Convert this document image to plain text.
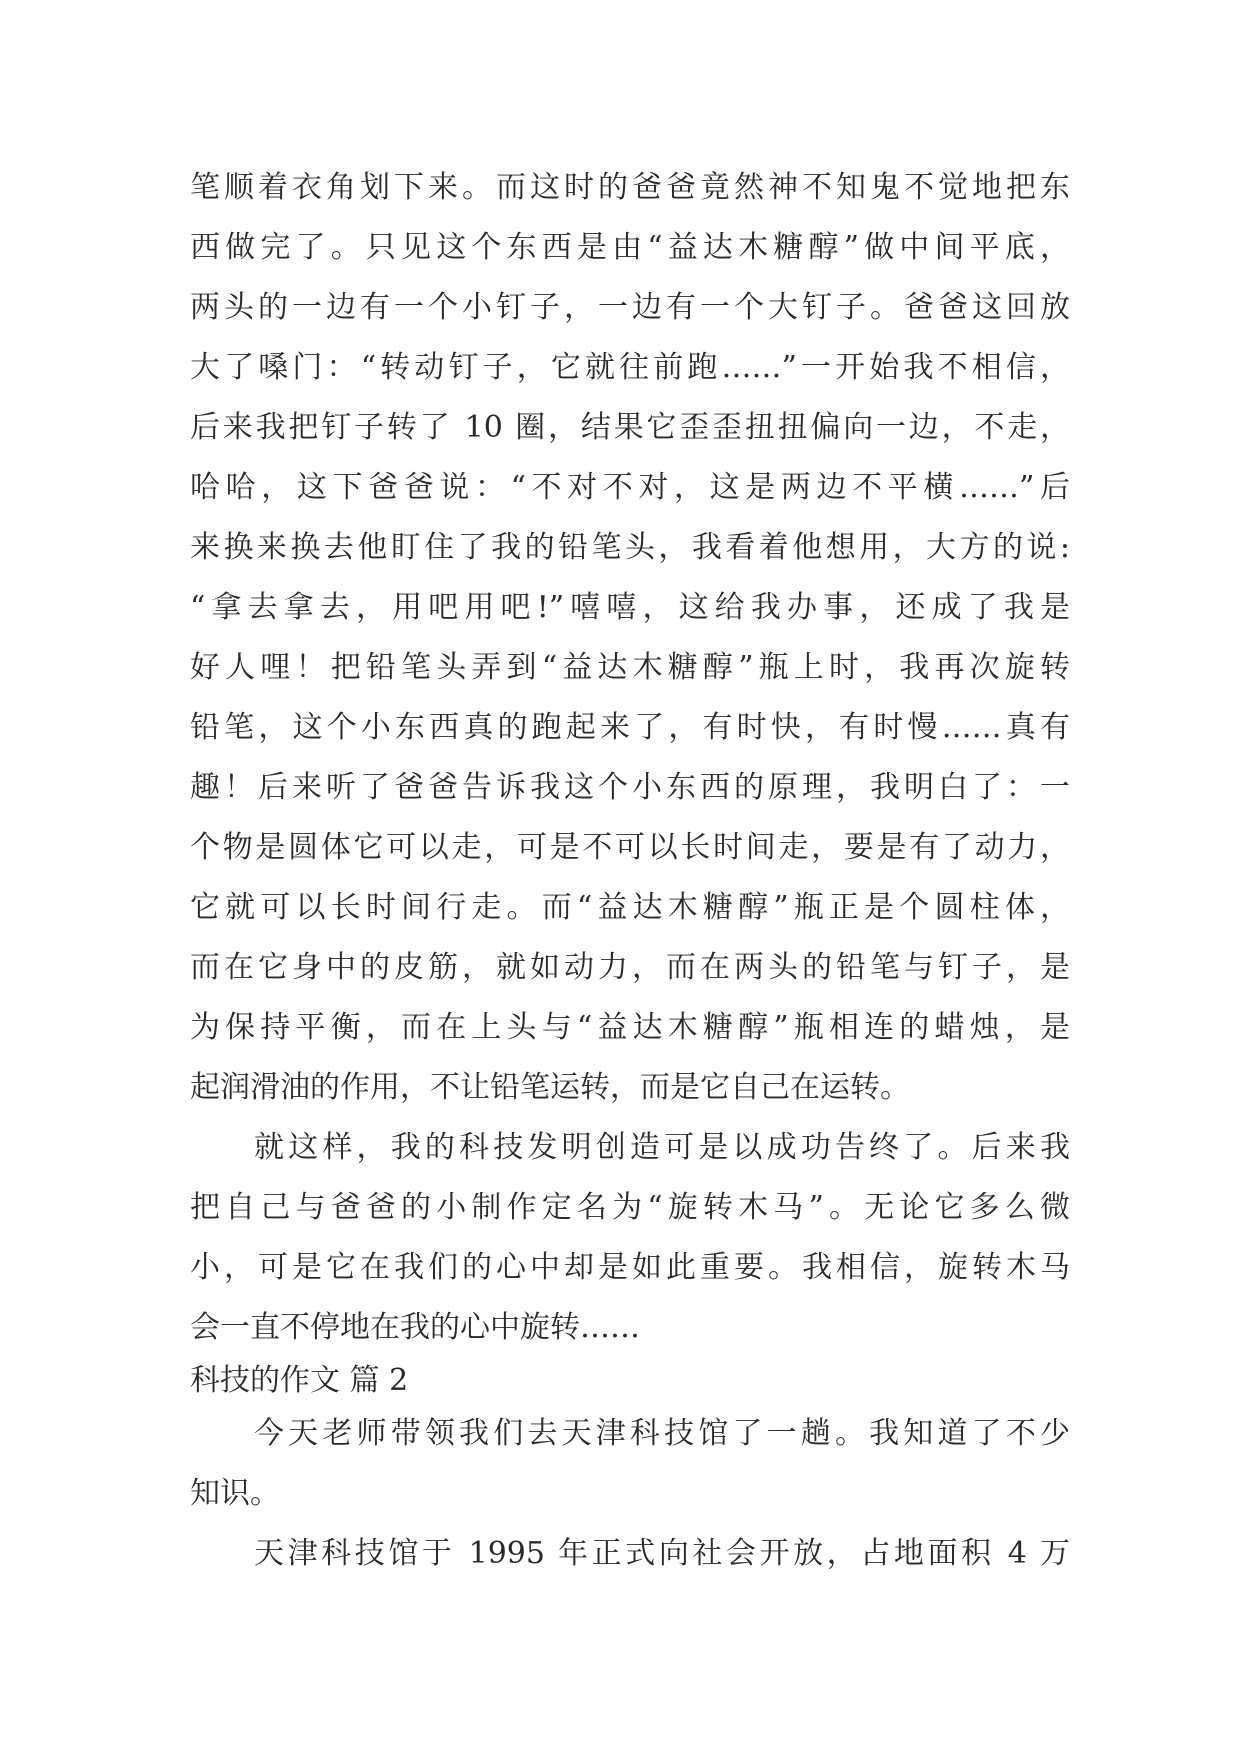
笔顺着衣角划下来。而这时的爸爸竟然神不知鬼不觉地把东
西做完了。只见这个东西是由“益达木糖醇”做中间平底，
两头的一边有一个小钉子，一边有一个大钉子。爸爸这回放
大了嗓门：“转动钉子，它就往前跑……”一开始我不相信，
后来我把钉子转了 10 圈，结果它歪歪扭扭偏向一边，不走，
哈哈，这下爸爸说：“不对不对，这是两边不平横……”后
来换来换去他盯住了我的铅笔头，我看着他想用，大方的说:
“拿去拿去，用吧用吧!”嘻嘻，这给我办事，还成了我是
好人哩！把铅笔头弄到“益达木糖醇”瓶上时，我再次旋转
铅笔，这个小东西真的跑起来了，有时快，有时慢……真有
趣！后来听了爸爸告诉我这个小东西的原理，我明白了：一
个物是圆体它可以走，可是不可以长时间走，要是有了动力，
它就可以长时间行走。而“益达木糖醇”瓶正是个圆柱体，
而在它身中的皮筋，就如动力，而在两头的铅笔与钉子，是
为保持平衡，而在上头与“益达木糖醇”瓶相连的蜡烛，是
起润滑油的作用，不让铅笔运转，而是它自己在运转。
就这样，我的科技发明创造可是以成功告终了。后来我
把自己与爸爸的小制作定名为“旋转木马”。无论它多么微
小，可是它在我们的心中却是如此重要。我相信，旋转木马
会一直不停地在我的心中旋转……
科技的作文 篇 2
今天老师带领我们去天津科技馆了一趟。我知道了不少
知识。
天津科技馆于 1995 年正式向社会开放，占地面积 4 万
